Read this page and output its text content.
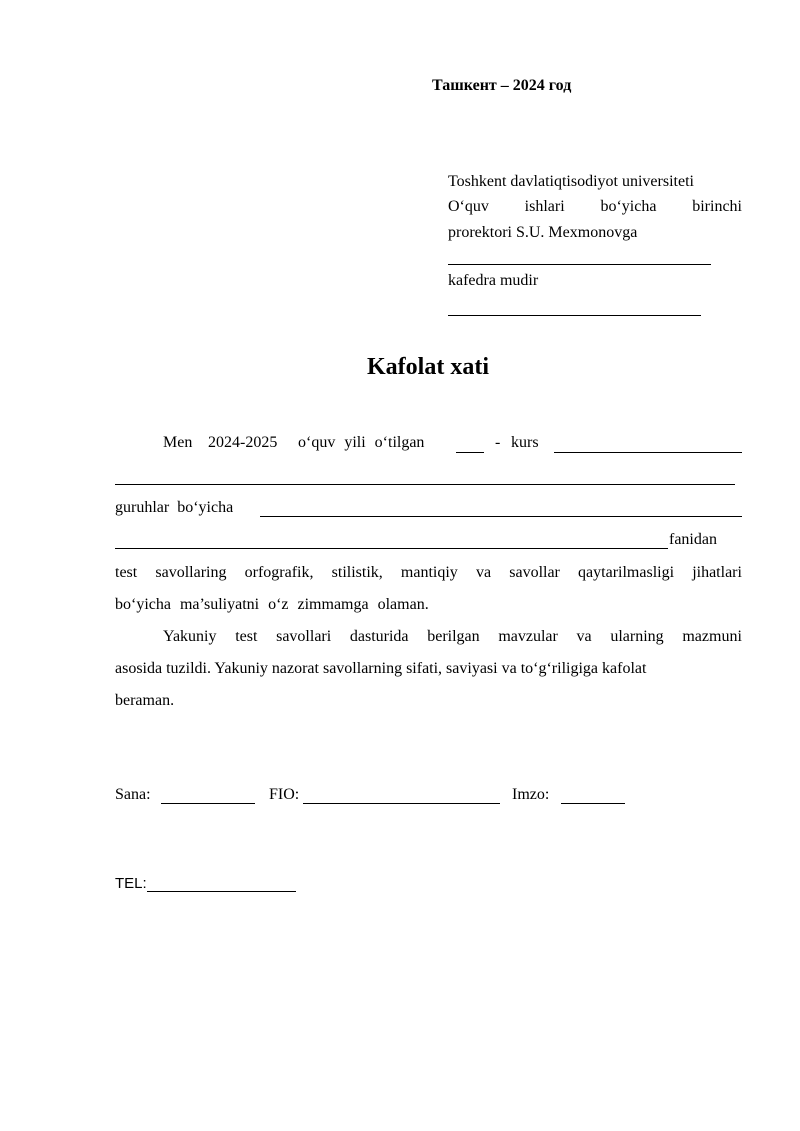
Ташкент – 2024 год
Toshkent davlatiqtisodiyot universiteti
O‘quv ishlari bo‘yicha birinchi
prorektori S.U. Mexmonovga
kafedra mudir
Kafolat xati
Men 2024-2025 o‘quv yili o‘tilgan	- kurs
guruhlar bo‘yicha
fanidan
test savollaring orfografik, stilistik, mantiqiy va savollar qaytarilmasligi jihatlari
bo‘yicha ma’suliyatni o‘z zimmamga olaman.
Yakuniy test savollari dasturida berilgan mavzular va ularning mazmuni
asosida tuzildi. Yakuniy nazorat savollarning sifati, saviyasi va to‘g‘riligiga kafolat
beraman.
Sana:	FIO:	Imzo:
TEL:
